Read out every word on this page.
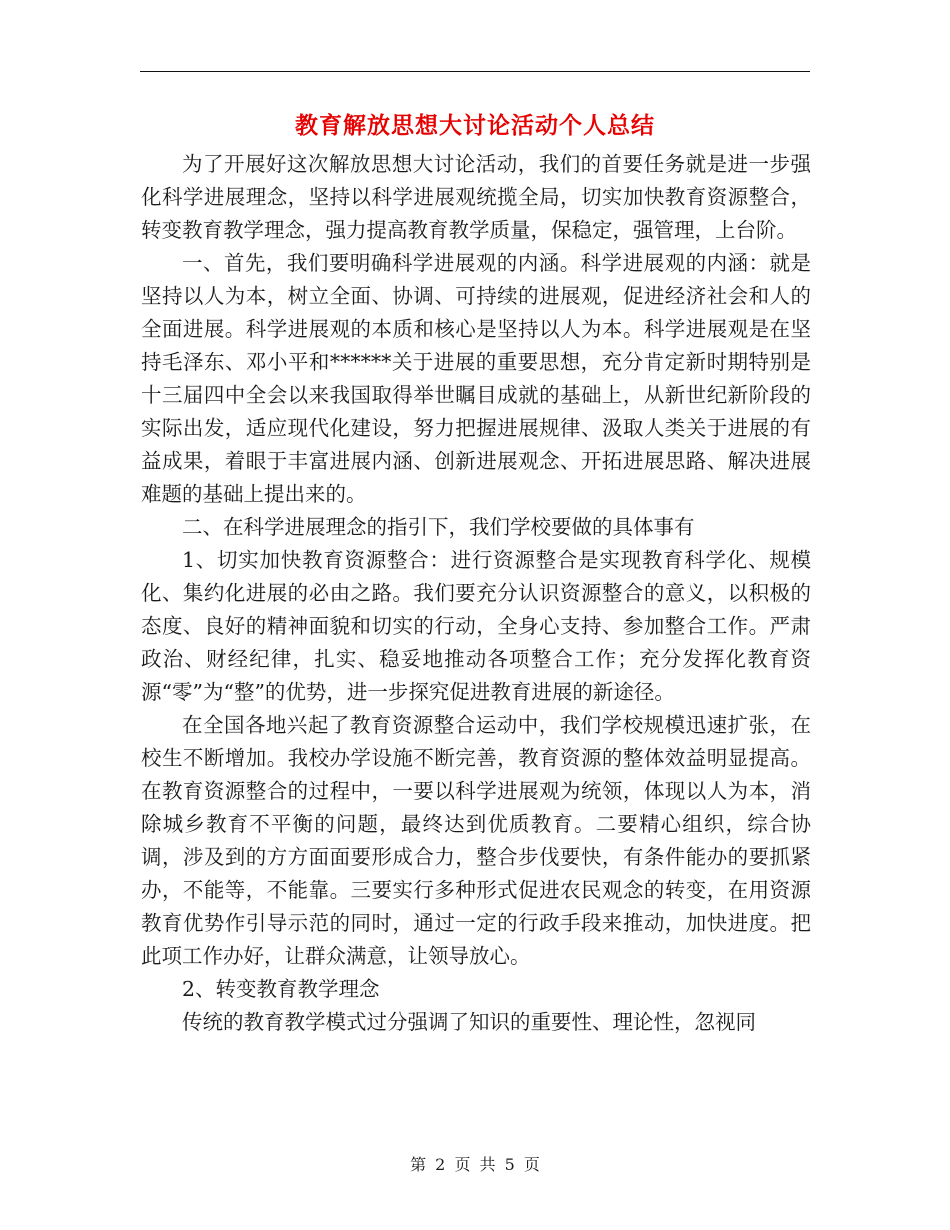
教育解放思想大讨论活动个人总结

为了开展好这次解放思想大讨论活动，我们的首要任务就是进一步强化科学进展理念，坚持以科学进展观统揽全局，切实加快教育资源整合，转变教育教学理念，强力提高教育教学质量，保稳定，强管理，上台阶。

一、首先，我们要明确科学进展观的内涵。科学进展观的内涵：就是坚持以人为本，树立全面、协调、可持续的进展观，促进经济社会和人的全面进展。科学进展观的本质和核心是坚持以人为本。科学进展观是在坚持毛泽东、邓小平和******关于进展的重要思想，充分肯定新时期特别是十三届四中全会以来我国取得举世瞩目成就的基础上，从新世纪新阶段的实际出发，适应现代化建设，努力把握进展规律、汲取人类关于进展的有益成果，着眼于丰富进展内涵、创新进展观念、开拓进展思路、解决进展难题的基础上提出来的。

二、在科学进展理念的指引下，我们学校要做的具体事有

1、切实加快教育资源整合：进行资源整合是实现教育科学化、规模化、集约化进展的必由之路。我们要充分认识资源整合的意义，以积极的态度、良好的精神面貌和切实的行动，全身心支持、参加整合工作。严肃政治、财经纪律，扎实、稳妥地推动各项整合工作；充分发挥化教育资源“零”为“整”的优势，进一步探究促进教育进展的新途径。

在全国各地兴起了教育资源整合运动中，我们学校规模迅速扩张，在校生不断增加。我校办学设施不断完善，教育资源的整体效益明显提高。在教育资源整合的过程中，一要以科学进展观为统领，体现以人为本，消除城乡教育不平衡的问题，最终达到优质教育。二要精心组织，综合协调，涉及到的方方面面要形成合力，整合步伐要快，有条件能办的要抓紧办，不能等，不能靠。三要实行多种形式促进农民观念的转变，在用资源教育优势作引导示范的同时，通过一定的行政手段来推动，加快进度。把此项工作办好，让群众满意，让领导放心。

2、转变教育教学理念

传统的教育教学模式过分强调了知识的重要性、理论性，忽视同

第 2 页 共 5 页
